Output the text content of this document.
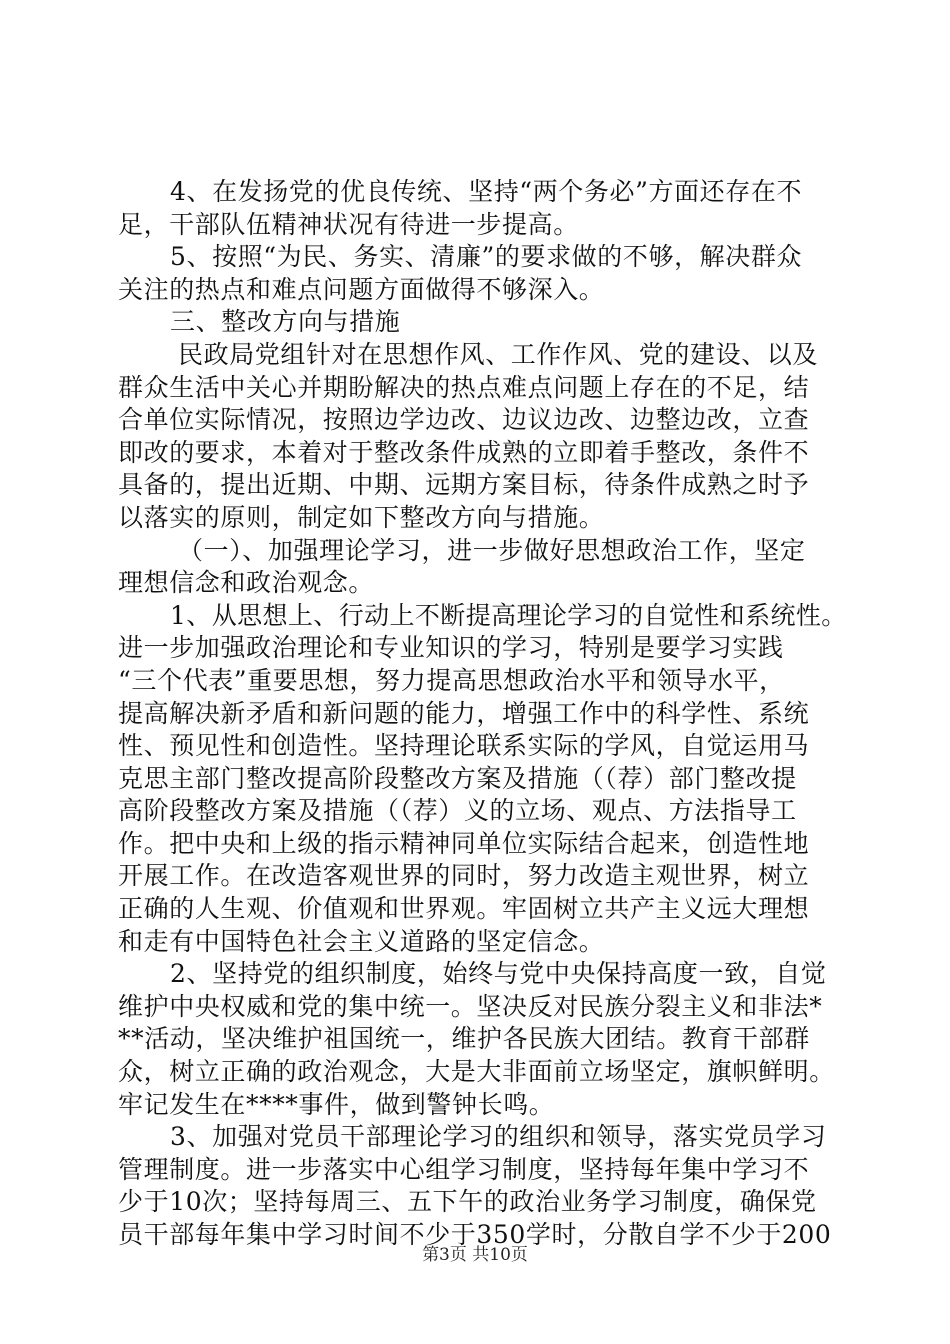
4、在发扬党的优良传统、坚持“两个务必”方面还存在不
足，干部队伍精神状况有待进一步提高。
5、按照“为民、务实、清廉”的要求做的不够，解决群众
关注的热点和难点问题方面做得不够深入。
三、整改方向与措施
民政局党组针对在思想作风、工作作风、党的建设、以及
群众生活中关心并期盼解决的热点难点问题上存在的不足，结
合单位实际情况，按照边学边改、边议边改、边整边改，立查
即改的要求，本着对于整改条件成熟的立即着手整改，条件不
具备的，提出近期、中期、远期方案目标，待条件成熟之时予
以落实的原则，制定如下整改方向与措施。
（一）、加强理论学习，进一步做好思想政治工作，坚定
理想信念和政治观念。
1、从思想上、行动上不断提高理论学习的自觉性和系统性。
进一步加强政治理论和专业知识的学习，特别是要学习实践
“三个代表”重要思想，努力提高思想政治水平和领导水平，
提高解决新矛盾和新问题的能力，增强工作中的科学性、系统
性、预见性和创造性。坚持理论联系实际的学风，自觉运用马
克思主部门整改提高阶段整改方案及措施（（荐）部门整改提
高阶段整改方案及措施（（荐）义的立场、观点、方法指导工
作。把中央和上级的指示精神同单位实际结合起来，创造性地
开展工作。在改造客观世界的同时，努力改造主观世界，树立
正确的人生观、价值观和世界观。牢固树立共产主义远大理想
和走有中国特色社会主义道路的坚定信念。
2、坚持党的组织制度，始终与党中央保持高度一致，自觉
维护中央权威和党的集中统一。坚决反对民族分裂主义和非法*
**活动，坚决维护祖国统一，维护各民族大团结。教育干部群
众，树立正确的政治观念，大是大非面前立场坚定，旗帜鲜明。
牢记发生在****事件，做到警钟长鸣。
3、加强对党员干部理论学习的组织和领导，落实党员学习
管理制度。进一步落实中心组学习制度，坚持每年集中学习不
少于10次；坚持每周三、五下午的政治业务学习制度，确保党
员干部每年集中学习时间不少于350学时，分散自学不少于200
第3页 共10页
